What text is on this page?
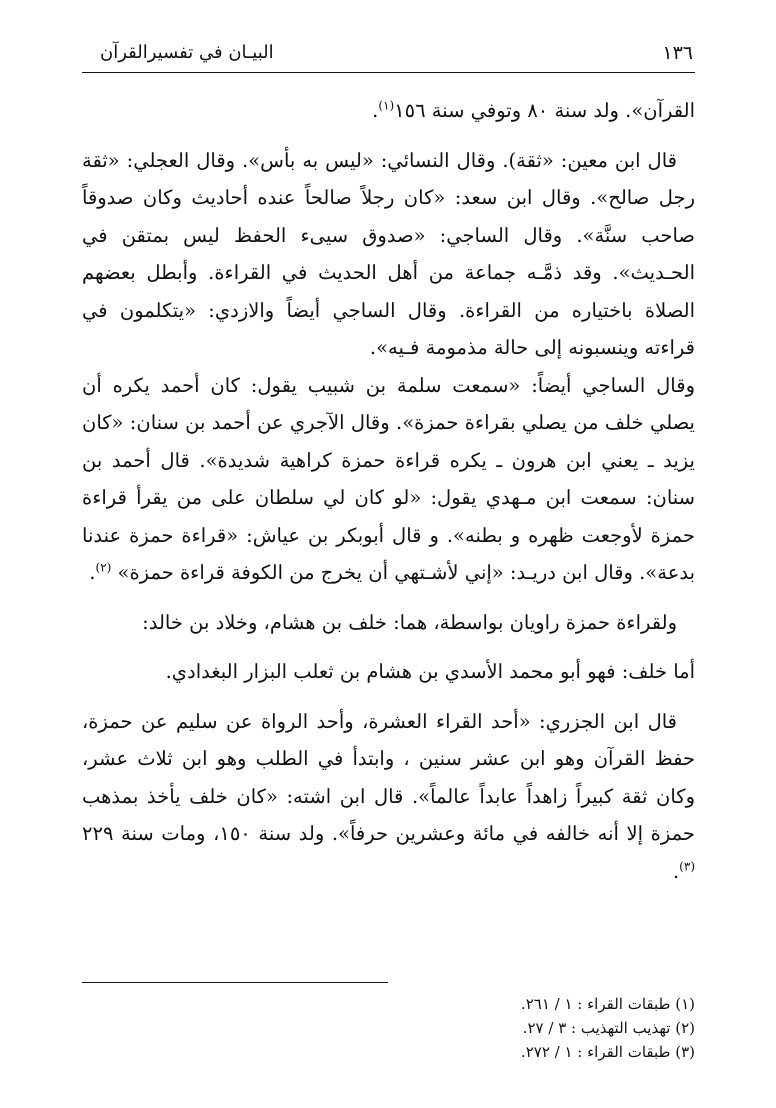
البيـان في تفسيرالقرآن	١٣٦

القرآن». ولد سنة ٨٠ وتوفي سنة ١٥٦$^{(١)}$.

قال ابن معين: «ثقة). وقال النسائي: «ليس به بأس». وقال العجلي: «ثقة رجل صالح». وقال ابن سعد: «كان رجلاً صالحاً عنده أحاديث وكان صدوقاً صاحب سنَّة». وقال الساجي: «صدوق سيىء الحفظ ليس بمتقن في الحـديث». وقد ذمَّـه جماعة من أهل الحديث في القراءة. وأبطل بعضهم الصلاة باختياره من القراءة. وقال الساجي أيضاً والازدي: «يتكلمون في قراءته وينسبونه إلى حالة مذمومة فـيه».

وقال الساجي أيضاً: «سمعت سلمة بن شبيب يقول: كان أحمد يكره أن يصلي خلف من يصلي بقراءة حمزة». وقال الآجري عن أحمد بن سنان: «كان يزيد ـ يعني ابن هرون ـ يكره قراءة حمزة كراهية شديدة». قال أحمد بن سنان: سمعت ابن مـهدي يقول: «لو كان لي سلطان على من يقرأ قراءة حمزة لأوجعت ظهره و بطنه». و قال أبوبكر بن عياش: «قراءة حمزة عندنا بدعة». وقال ابن دريـد: «إني لأشـتهي أن يخرج من الكوفة قراءة حمزة» $^{(٢)}$.

ولقراءة حمزة راويان بواسطة، هما: خلف بن هشام، وخلاد بن خالد:

أما خلف: فهو أبو محمد الأسدي بن هشام بن ثعلب البزار البغدادي.

قال ابن الجزري: «أحد القراء العشرة، وأحد الرواة عن سليم عن حمزة، حفظ القرآن وهو ابن عشر سنين ، وابتدأ في الطلب وهو ابن ثلاث عشر، وكان ثقة كبيراً زاهداً عابداً عالماً». قال ابن اشته: «كان خلف يأخذ بمذهب حمزة إلا أنه خالفه في مائة وعشرين حرفاً». ولد سنة ١٥٠، ومات سنة ٢٢٩ $^{(٣)}$.

(١) طبقات القراء : ١ / ٢٦١.

(٢) تهذيب التهذيب : ٣ / ٢٧.

(٣) طبقات القراء : ١ / ٢٧٢.
